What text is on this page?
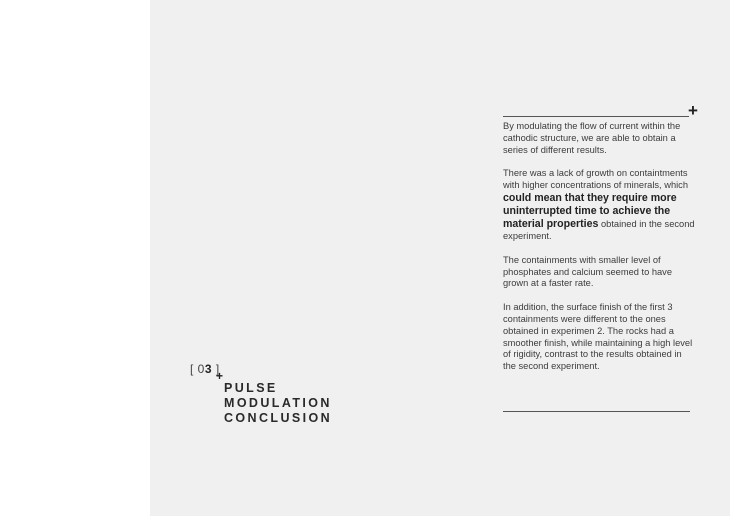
[ 03 ]
+
PULSE
MODULATION
CONCLUSION
+

By modulating the flow of current within the cathodic structure, we are able to obtain a series of different results.

There was a lack of growth on containtments with higher concentrations of minerals, which could mean that they require more uninterrupted time to achieve the material properties obtained in the second experiment.

The containments with smaller level of phosphates and calcium seemed to have grown at a faster rate.

In addition, the surface finish of the first 3 containments were different to the ones obtained in experimen 2. The rocks had a smoother finish, while maintaining a high level of rigidity, contrast to the results obtained in the second experiment.
